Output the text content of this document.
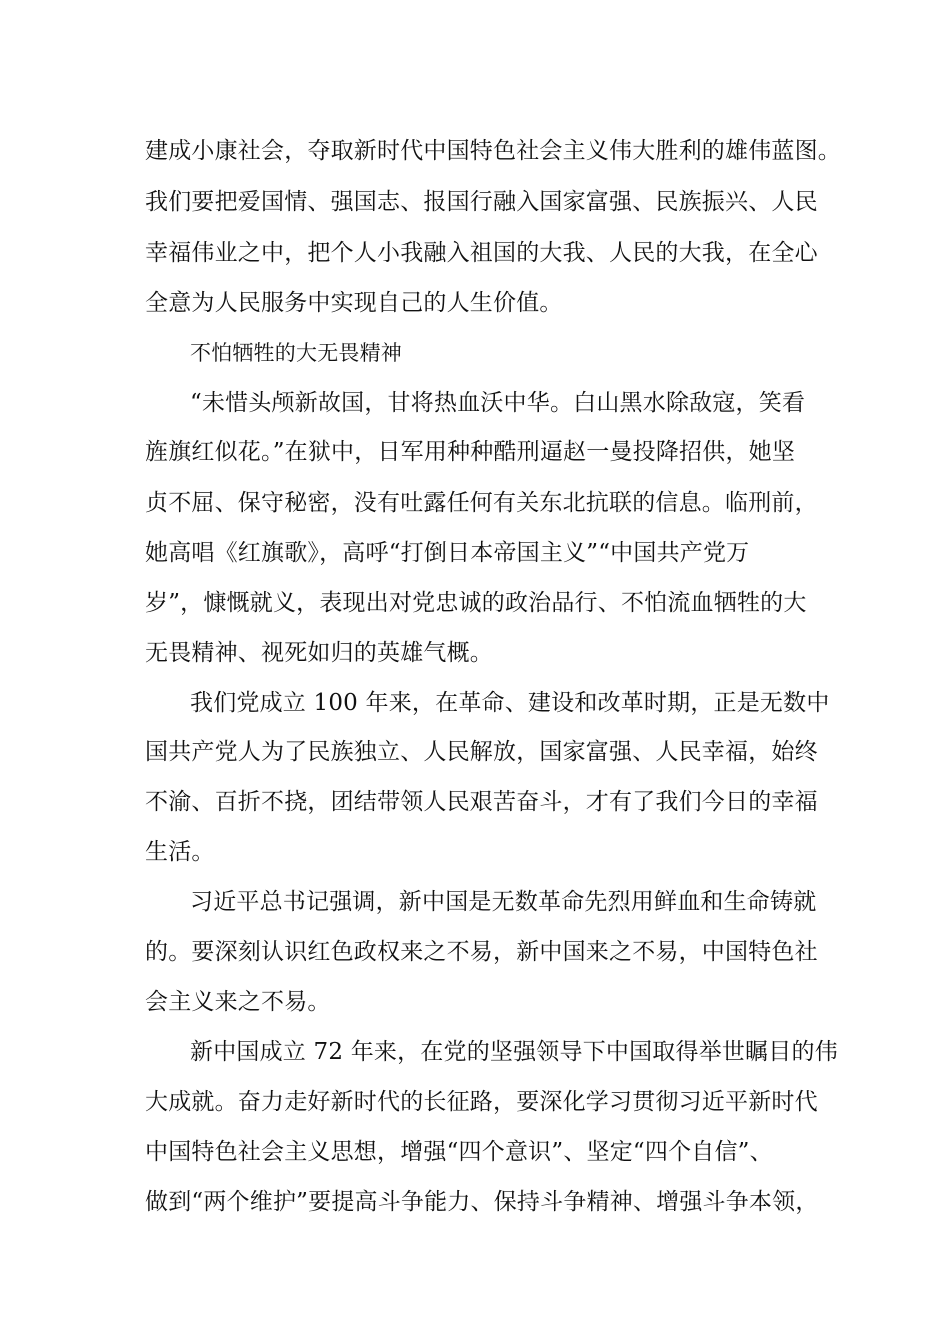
建成小康社会，夺取新时代中国特色社会主义伟大胜利的雄伟蓝图。
我们要把爱国情、强国志、报国行融入国家富强、民族振兴、人民
幸福伟业之中，把个人小我融入祖国的大我、人民的大我，在全心
全意为人民服务中实现自己的人生价值。
不怕牺牲的大无畏精神
“未惜头颅新故国，甘将热血沃中华。白山黑水除敌寇，笑看
旌旗红似花。”在狱中，日军用种种酷刑逼赵一曼投降招供，她坚
贞不屈、保守秘密，没有吐露任何有关东北抗联的信息。临刑前，
她高唱《红旗歌》，高呼“打倒日本帝国主义”“中国共产党万
岁”，慷慨就义，表现出对党忠诚的政治品行、不怕流血牺牲的大
无畏精神、视死如归的英雄气概。
我们党成立 100 年来，在革命、建设和改革时期，正是无数中
国共产党人为了民族独立、人民解放，国家富强、人民幸福，始终
不渝、百折不挠，团结带领人民艰苦奋斗，才有了我们今日的幸福
生活。
习近平总书记强调，新中国是无数革命先烈用鲜血和生命铸就
的。要深刻认识红色政权来之不易，新中国来之不易，中国特色社
会主义来之不易。
新中国成立 72 年来，在党的坚强领导下中国取得举世瞩目的伟
大成就。奋力走好新时代的长征路，要深化学习贯彻习近平新时代
中国特色社会主义思想，增强“四个意识”、坚定“四个自信”、
做到“两个维护”要提高斗争能力、保持斗争精神、增强斗争本领，
